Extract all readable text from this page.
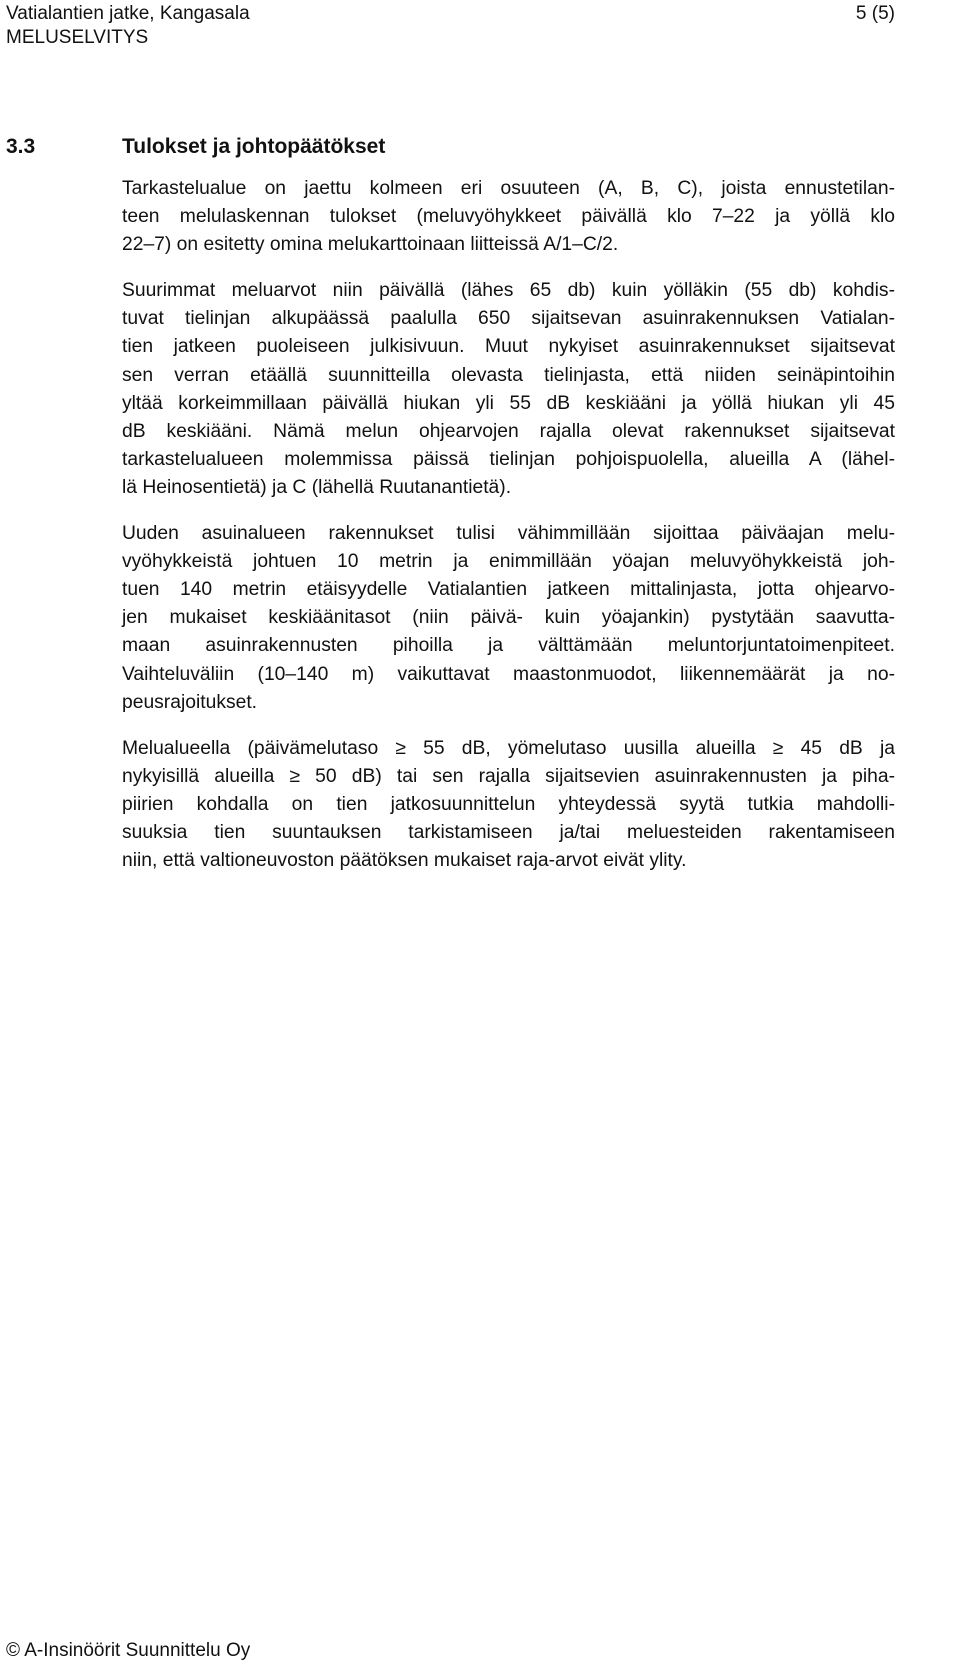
Vatialantien jatke, Kangasala
MELUSELVITYS
5 (5)
3.3	Tulokset ja johtopäätökset
Tarkastelualue on jaettu kolmeen eri osuuteen (A, B, C), joista ennustetilan-
teen melulaskennan tulokset (meluvyöhykkeet päivällä klo 7–22 ja yöllä klo
22–7) on esitetty omina melukarttoinaan liitteissä A/1–C/2.
Suurimmat meluarvot niin päivällä (lähes 65 db) kuin yölläkin (55 db) kohdis-
tuvat tielinjan alkupäässä paalulla 650 sijaitsevan asuinrakennuksen Vatialan-
tien jatkeen puoleiseen julkisivuun. Muut nykyiset asuinrakennukset sijaitsevat
sen verran etäällä suunnitteilla olevasta tielinjasta, että niiden seinäpintoihin
yltää korkeimmillaan päivällä hiukan yli 55 dB keskiääni ja yöllä hiukan yli 45
dB keskiääni. Nämä melun ohjearvojen rajalla olevat rakennukset sijaitsevat
tarkastelualueen molemmissa päissä tielinjan pohjoispuolella, alueilla A (lähel-
lä Heinosentietä) ja C (lähellä Ruutanantietä).
Uuden asuinalueen rakennukset tulisi vähimmillään sijoittaa päiväajan melu-
vyöhykkeistä johtuen 10 metrin ja enimmillään yöajan meluvyöhykkeistä joh-
tuen 140 metrin etäisyydelle Vatialantien jatkeen mittalinjasta, jotta ohjearvo-
jen mukaiset keskiäänitasot (niin päivä- kuin yöajankin) pystytään saavutta-
maan asuinrakennusten pihoilla ja välttämään meluntorjuntatoimenpiteet.
Vaihteluväliin (10–140 m) vaikuttavat maastonmuodot, liikennemäärät ja no-
peusrajoitukset.
Melualueella (päivämelutaso ≥ 55 dB, yömelutaso uusilla alueilla ≥ 45 dB ja
nykyisillä alueilla ≥ 50 dB) tai sen rajalla sijaitsevien asuinrakennusten ja piha-
piirien kohdalla on tien jatkosuunnittelun yhteydessä syytä tutkia mahdolli-
suuksia tien suuntauksen tarkistamiseen ja/tai meluesteiden rakentamiseen
niin, että valtioneuvoston päätöksen mukaiset raja-arvot eivät ylity.
© A-Insinöörit Suunnittelu Oy
